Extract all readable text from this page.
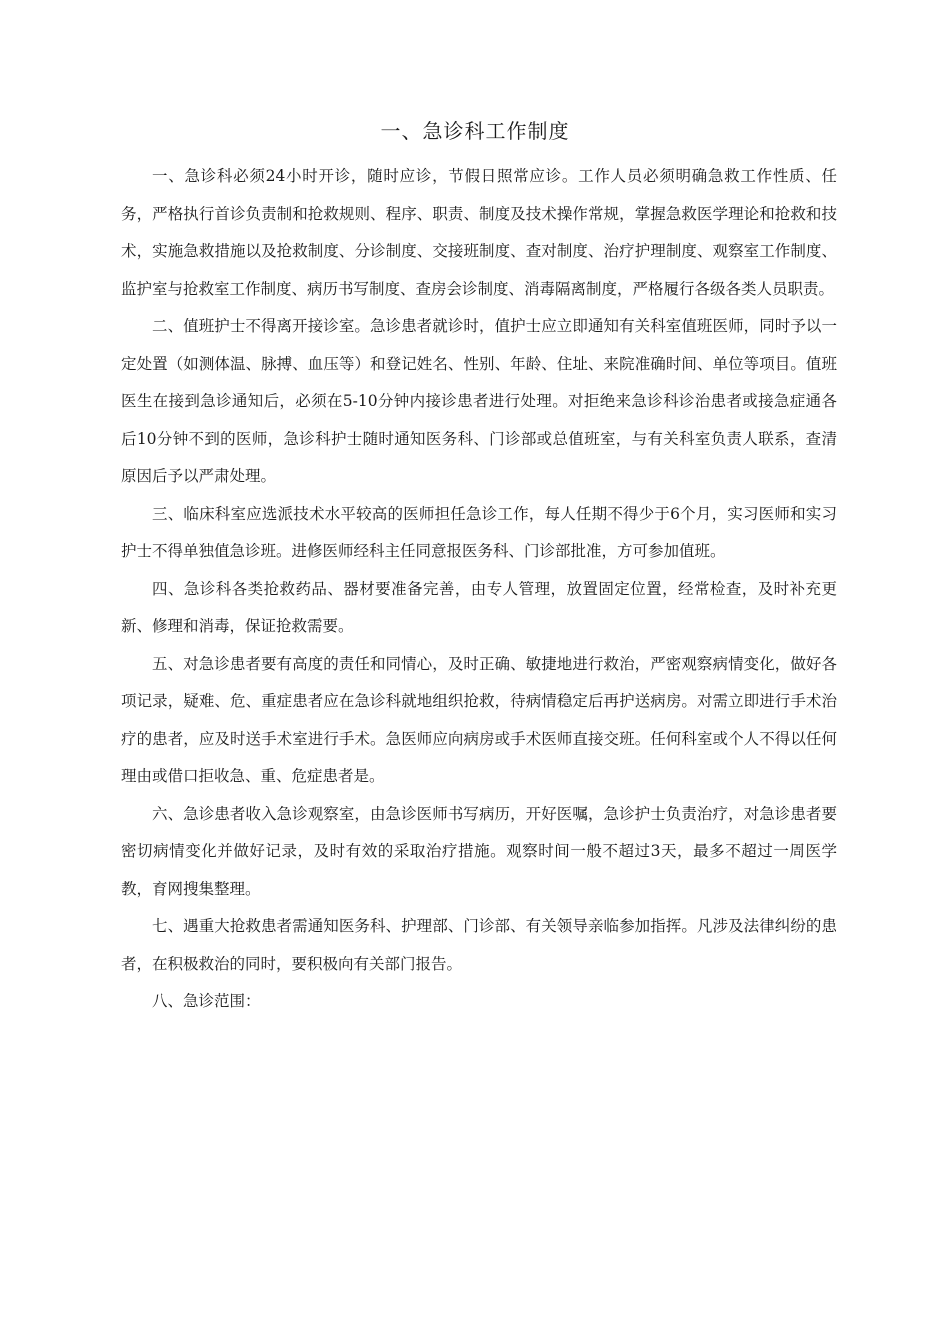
一、急诊科工作制度

一、急诊科必须24小时开诊，随时应诊，节假日照常应诊。工作人员必须明确急救工作性质、任务，严格执行首诊负责制和抢救规则、程序、职责、制度及技术操作常规，掌握急救医学理论和抢救和技术，实施急救措施以及抢救制度、分诊制度、交接班制度、查对制度、治疗护理制度、观察室工作制度、监护室与抢救室工作制度、病历书写制度、查房会诊制度、消毒隔离制度，严格履行各级各类人员职责。

二、值班护士不得离开接诊室。急诊患者就诊时，值护士应立即通知有关科室值班医师，同时予以一定处置（如测体温、脉搏、血压等）和登记姓名、性别、年龄、住址、来院准确时间、单位等项目。值班医生在接到急诊通知后，必须在5-10分钟内接诊患者进行处理。对拒绝来急诊科诊治患者或接急症通各后10分钟不到的医师，急诊科护士随时通知医务科、门诊部或总值班室，与有关科室负责人联系，查清原因后予以严肃处理。

三、临床科室应选派技术水平较高的医师担任急诊工作，每人任期不得少于6个月，实习医师和实习护士不得单独值急诊班。进修医师经科主任同意报医务科、门诊部批准，方可参加值班。

四、急诊科各类抢救药品、器材要准备完善，由专人管理，放置固定位置，经常检查，及时补充更新、修理和消毒，保证抢救需要。

五、对急诊患者要有高度的责任和同情心，及时正确、敏捷地进行救治，严密观察病情变化，做好各项记录，疑难、危、重症患者应在急诊科就地组织抢救，待病情稳定后再护送病房。对需立即进行手术治疗的患者，应及时送手术室进行手术。急医师应向病房或手术医师直接交班。任何科室或个人不得以任何理由或借口拒收急、重、危症患者是。

六、急诊患者收入急诊观察室，由急诊医师书写病历，开好医嘱，急诊护士负责治疗，对急诊患者要密切病情变化并做好记录，及时有效的采取治疗措施。观察时间一般不超过3天，最多不超过一周医学教，育网搜集整理。

七、遇重大抢救患者需通知医务科、护理部、门诊部、有关领导亲临参加指挥。凡涉及法律纠纷的患者，在积极救治的同时，要积极向有关部门报告。

八、急诊范围：
